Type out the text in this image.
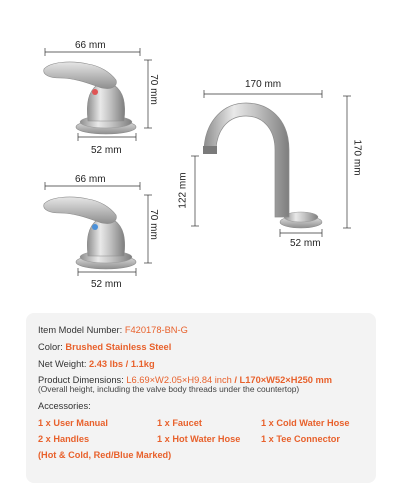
66 mm
70 mm
52 mm
66 mm
70 mm
52 mm
170 mm
170 mm
122 mm
52 mm
Item Model Number: F420178-BN-G
Color: Brushed Stainless Steel
Net Weight: 2.43 lbs / 1.1kg
Product Dimensions: L6.69×W2.05×H9.84 inch / L170×W52×H250 mm
(Overall height, including the valve body threads under the countertop)
Accessories:
1 x User Manual
2 x Handles
(Hot & Cold, Red/Blue Marked)
1 x Faucet
1 x Hot Water Hose
1 x Cold Water Hose
1 x Tee Connector
